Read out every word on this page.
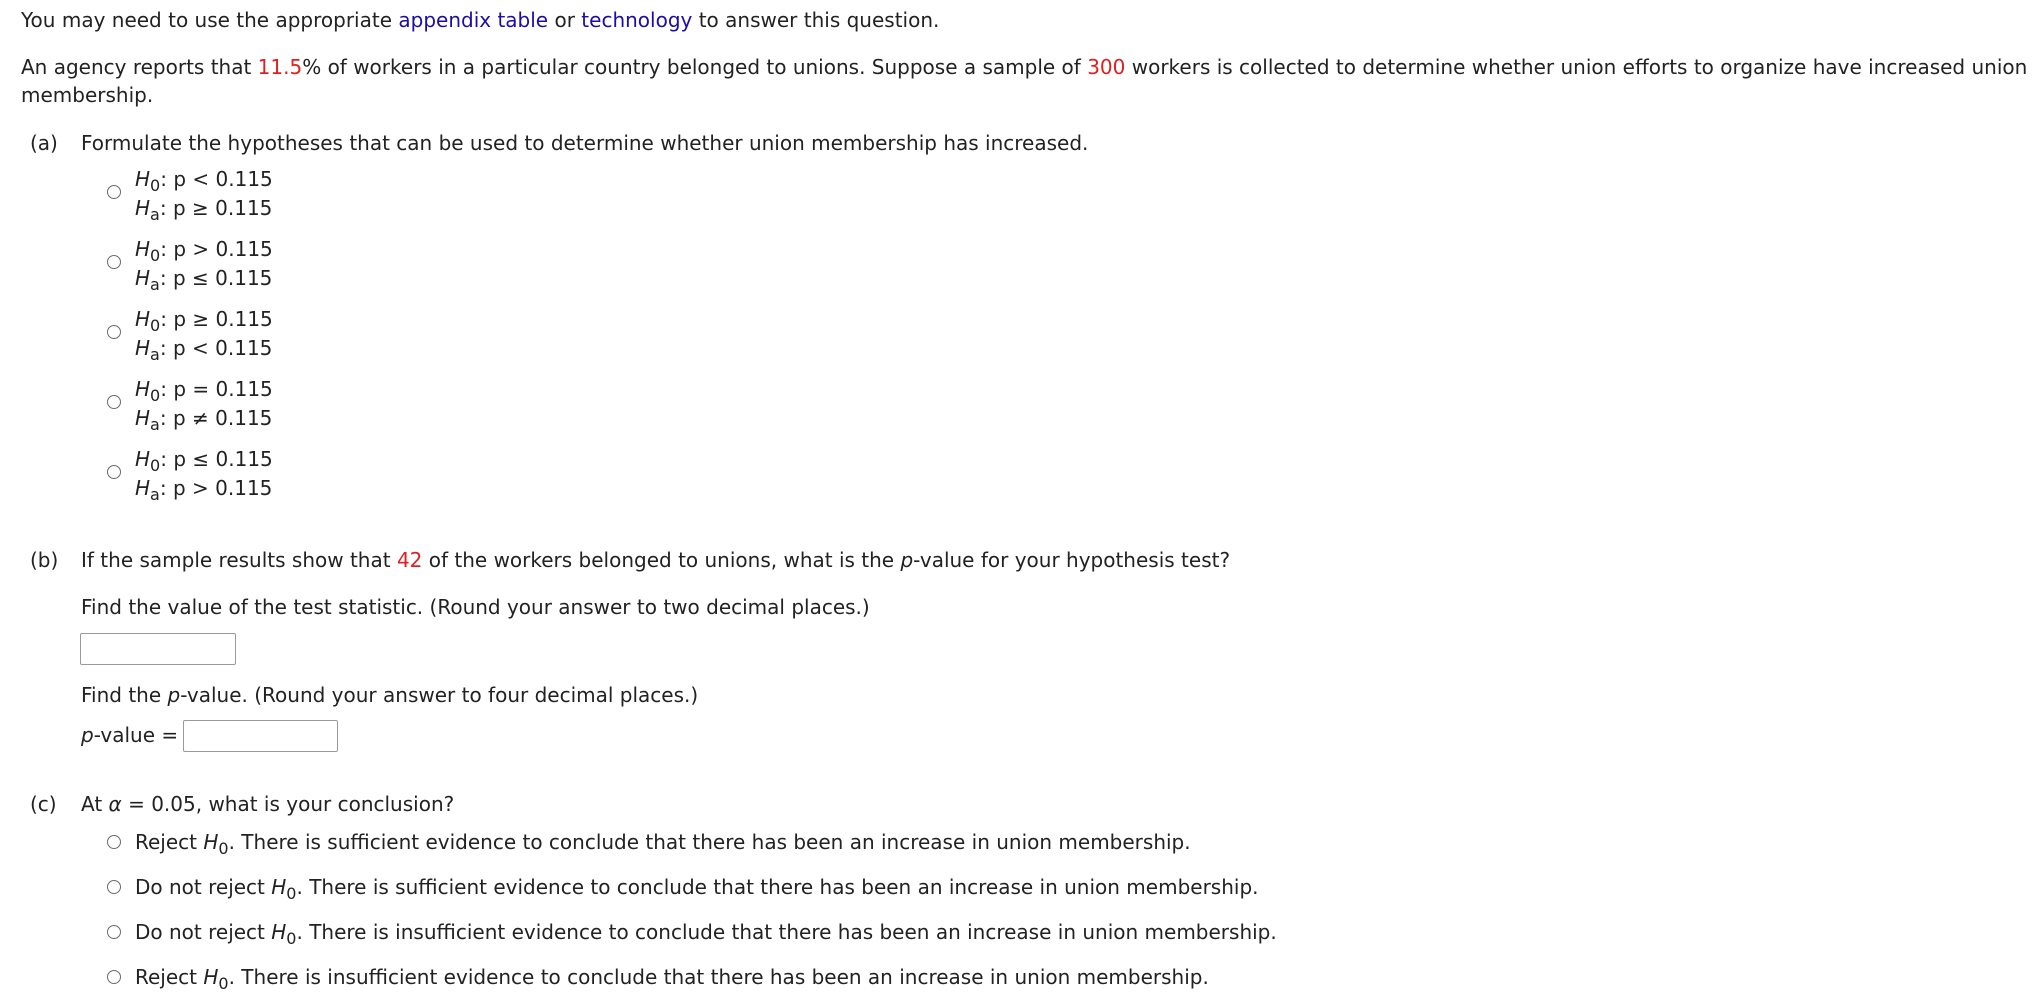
You may need to use the appropriate appendix table or technology to answer this question.
An agency reports that 11.5% of workers in a particular country belonged to unions. Suppose a sample of 300 workers is collected to determine whether union efforts to organize have increased union
membership.
(a) Formulate the hypotheses that can be used to determine whether union membership has increased.
$H_0$: p < 0.115
$H_a$: p ≥ 0.115
$H_0$: p > 0.115
$H_a$: p ≤ 0.115
$H_0$: p ≥ 0.115
$H_a$: p < 0.115
$H_0$: p = 0.115
$H_a$: p ≠ 0.115
$H_0$: p ≤ 0.115
$H_a$: p > 0.115
(b) If the sample results show that 42 of the workers belonged to unions, what is the p-value for your hypothesis test?
Find the value of the test statistic. (Round your answer to two decimal places.)
Find the p-value. (Round your answer to four decimal places.)
p-value =
(c) At α = 0.05, what is your conclusion?
Reject $H_0$. There is sufficient evidence to conclude that there has been an increase in union membership.
Do not reject $H_0$. There is sufficient evidence to conclude that there has been an increase in union membership.
Do not reject $H_0$. There is insufficient evidence to conclude that there has been an increase in union membership.
Reject $H_0$. There is insufficient evidence to conclude that there has been an increase in union membership.
